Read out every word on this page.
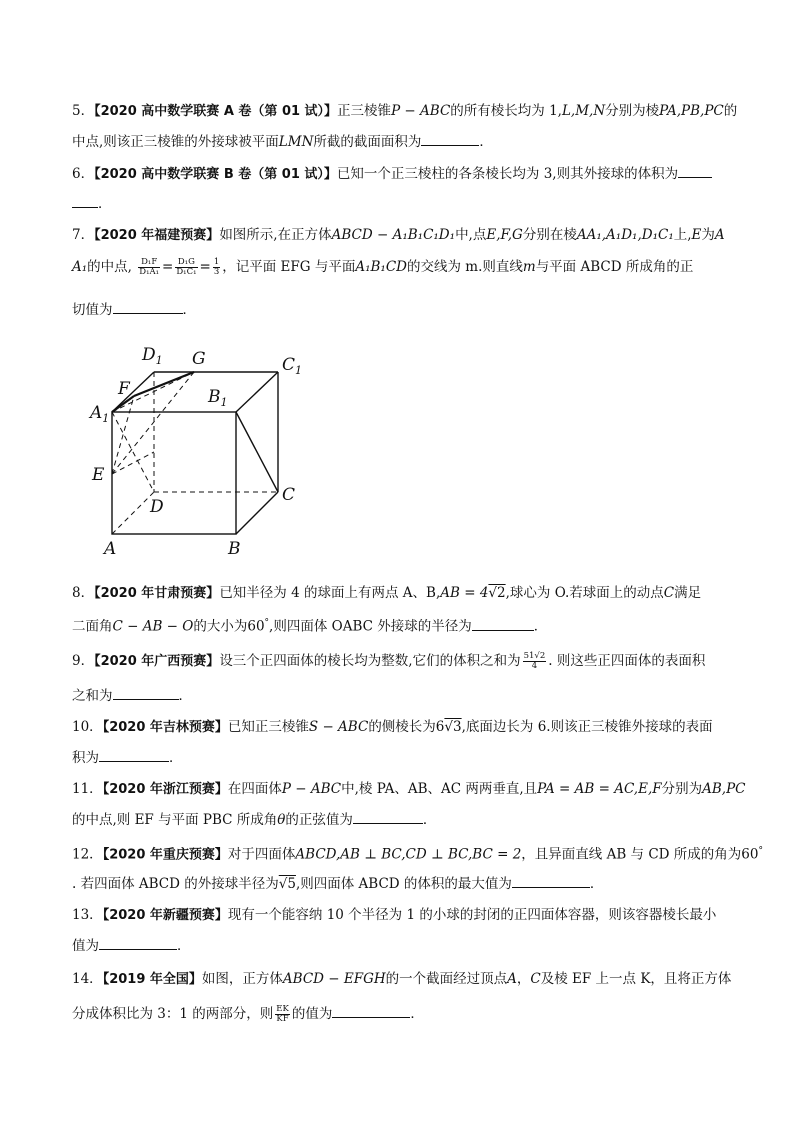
5．【2020 高中数学联赛 A 卷（第 01 试）】正三棱锥P − ABC的所有棱长均为 1,L,M,N分别为棱PA,PB,PC的
中点,则该正三棱锥的外接球被平面LMN所截的截面面积为	．
6．【2020 高中数学联赛 B 卷（第 01 试）】已知一个正三棱柱的各条棱长均为 3,则其外接球的体积为
．
7．【2020 年福建预赛】如图所示,在正方体ABCD − A₁B₁C₁D₁中,点E,F,G分别在棱AA₁,A₁D₁,D₁C₁上,E为A
A₁的中点, $\frac{\text{D₁F}}{\text{D₁A₁}} = \frac{\text{D₁G}}{\text{D₁C₁}} = \frac{1}{3}$ ，记平面 EFG 与平面A₁B₁CD的交线为 m.则直线m与平面 ABCD 所成角的正
切值为	．
$D_1$ G	$C_1$
F	$B_1$
$A_1$
E
C
D
A	B
8．【2020 年甘肃预赛】已知半径为 4 的球面上有两点 A、B,AB = 4√2,球心为 O.若球面上的动点C满足
二面角C − AB − O的大小为60°,则四面体 OABC 外接球的半径为	．
9．【2020 年广西预赛】设三个正四面体的棱长均为整数,它们的体积之和为 $\frac{51√2}{4}$ . 则这些正四面体的表面积
之和为	．
10．【2020 年吉林预赛】已知正三棱锥S − ABC的侧棱长为6√3,底面边长为 6.则该正三棱锥外接球的表面
积为	．
11．【2020 年浙江预赛】在四面体P − ABC中,棱 PA、AB、AC 两两垂直,且PA = AB = AC,E,F分别为AB,PC
的中点,则 EF 与平面 PBC 所成角θ的正弦值为	．
12．【2020 年重庆预赛】对于四面体ABCD,AB ⊥ BC,CD ⊥ BC,BC = 2，且异面直线 AB 与 CD 所成的角为60°
. 若四面体 ABCD 的外接球半径为√5,则四面体 ABCD 的体积的最大值为	．
13．【2020 年新疆预赛】现有一个能容纳 10 个半径为 1 的小球的封闭的正四面体容器，则该容器棱长最小
值为	．
14．【2019 年全国】如图，正方体ABCD − EFGH的一个截面经过顶点A，C及棱 EF 上一点 K，且将正方体
分成体积比为 3：1 的两部分，则 $\frac{EK}{KF}$ 的值为	．
